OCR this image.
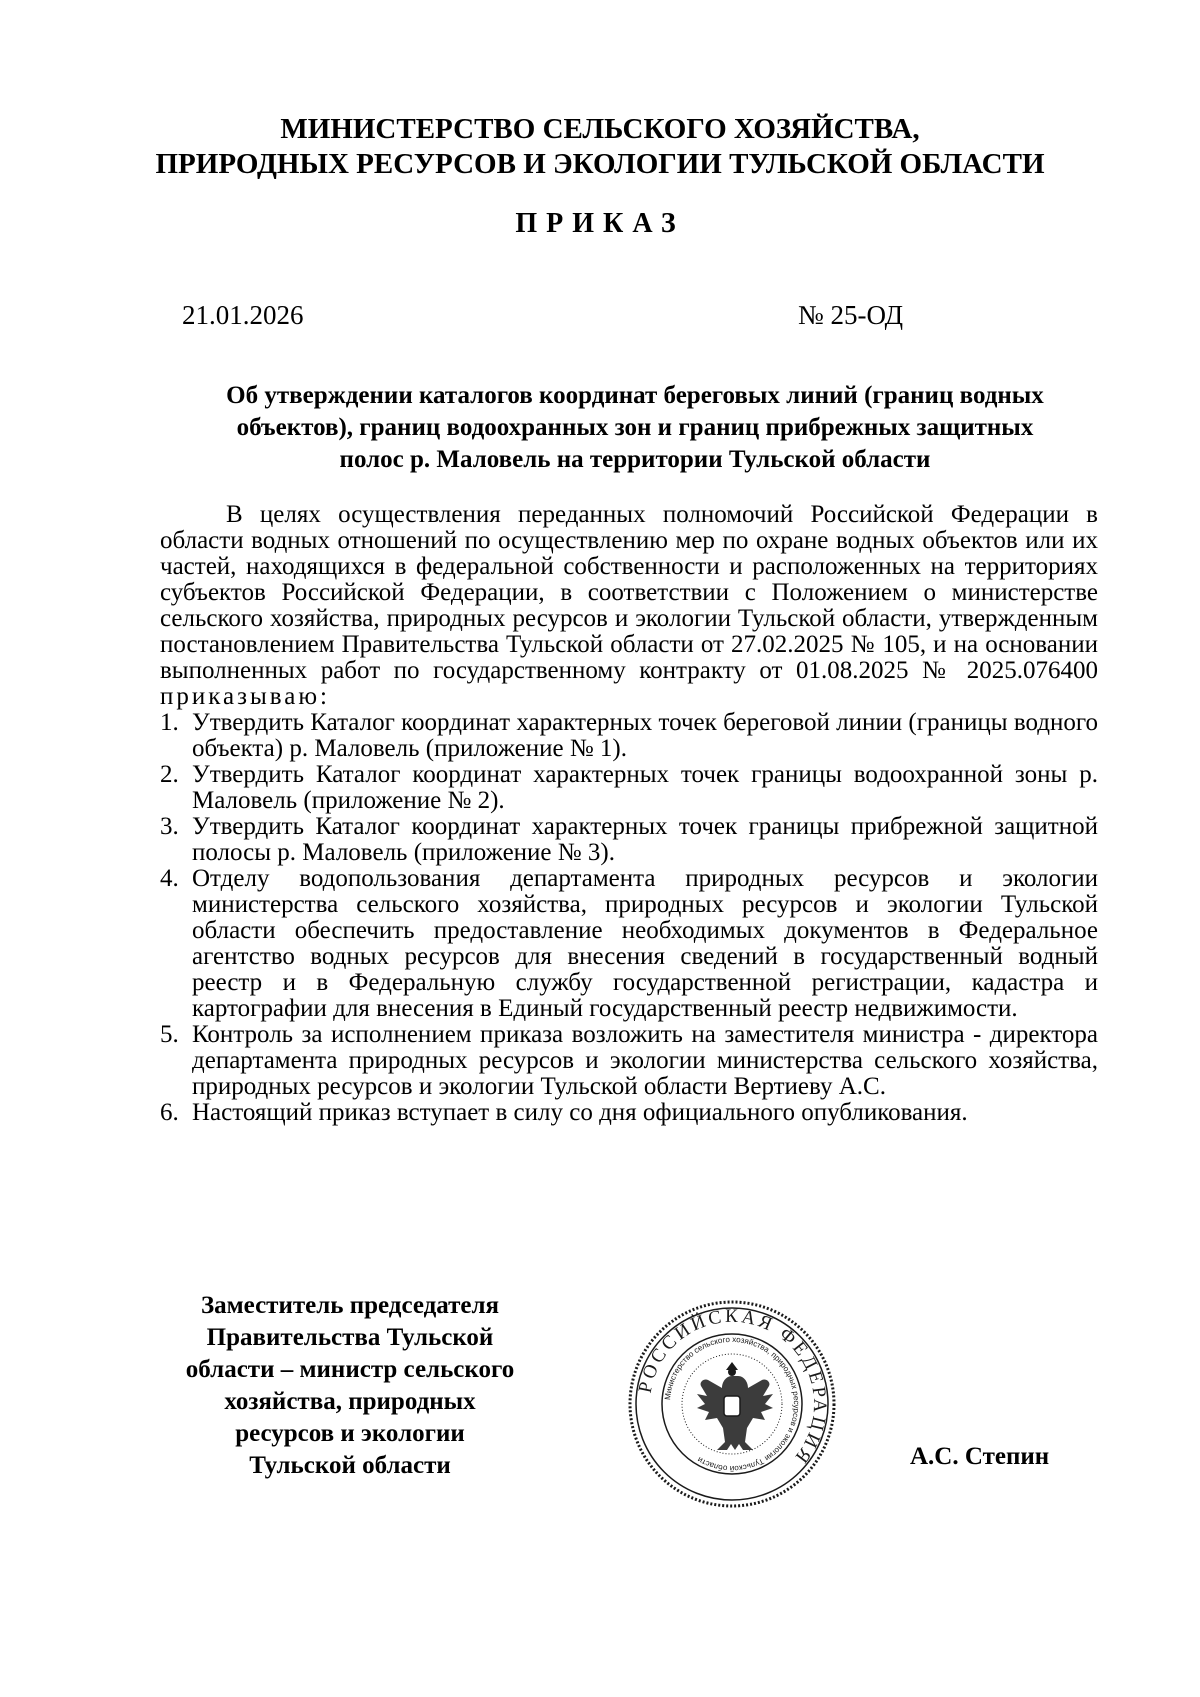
МИНИСТЕРСТВО СЕЛЬСКОГО ХОЗЯЙСТВА,
ПРИРОДНЫХ РЕСУРСОВ И ЭКОЛОГИИ ТУЛЬСКОЙ ОБЛАСТИ
ПРИКАЗ
21.01.2026	№ 25-ОД
Об утверждении каталогов координат береговых линий (границ водных
объектов), границ водоохранных зон и границ прибрежных защитных
полос р. Маловель на территории Тульской области

В целях осуществления переданных полномочий Российской Федерации в области водных отношений по осуществлению мер по охране водных объектов или их частей, находящихся в федеральной собственности и расположенных на территориях субъектов Российской Федерации, в соответствии с Положением о министерстве сельского хозяйства, природных ресурсов и экологии Тульской области, утвержденным постановлением Правительства Тульской области от 27.02.2025 № 105, и на основании выполненных работ по государственному контракту от 01.08.2025 № 2025.076400 приказываю:

1. Утвердить Каталог координат характерных точек береговой линии (границы водного объекта) р. Маловель (приложение № 1).
2. Утвердить Каталог координат характерных точек границы водоохранной зоны р. Маловель (приложение № 2).
3. Утвердить Каталог координат характерных точек границы прибрежной защитной полосы р. Маловель (приложение № 3).
4. Отделу водопользования департамента природных ресурсов и экологии министерства сельского хозяйства, природных ресурсов и экологии Тульской области обеспечить предоставление необходимых документов в Федеральное агентство водных ресурсов для внесения сведений в государственный водный реестр и в Федеральную службу государственной регистрации, кадастра и картографии для внесения в Единый государственный реестр недвижимости.
5. Контроль за исполнением приказа возложить на заместителя министра - директора департамента природных ресурсов и экологии министерства сельского хозяйства, природных ресурсов и экологии Тульской области Вертиеву А.С.
6. Настоящий приказ вступает в силу со дня официального опубликования.
Заместитель председателя
Правительства Тульской
области – министр сельского
хозяйства, природных
ресурсов и экологии
Тульской области
РОССИЙСКАЯ ФЕДЕРАЦИЯ
Министерство сельского хозяйства, природных ресурсов и экологии Тульской области	А.С. Степин
